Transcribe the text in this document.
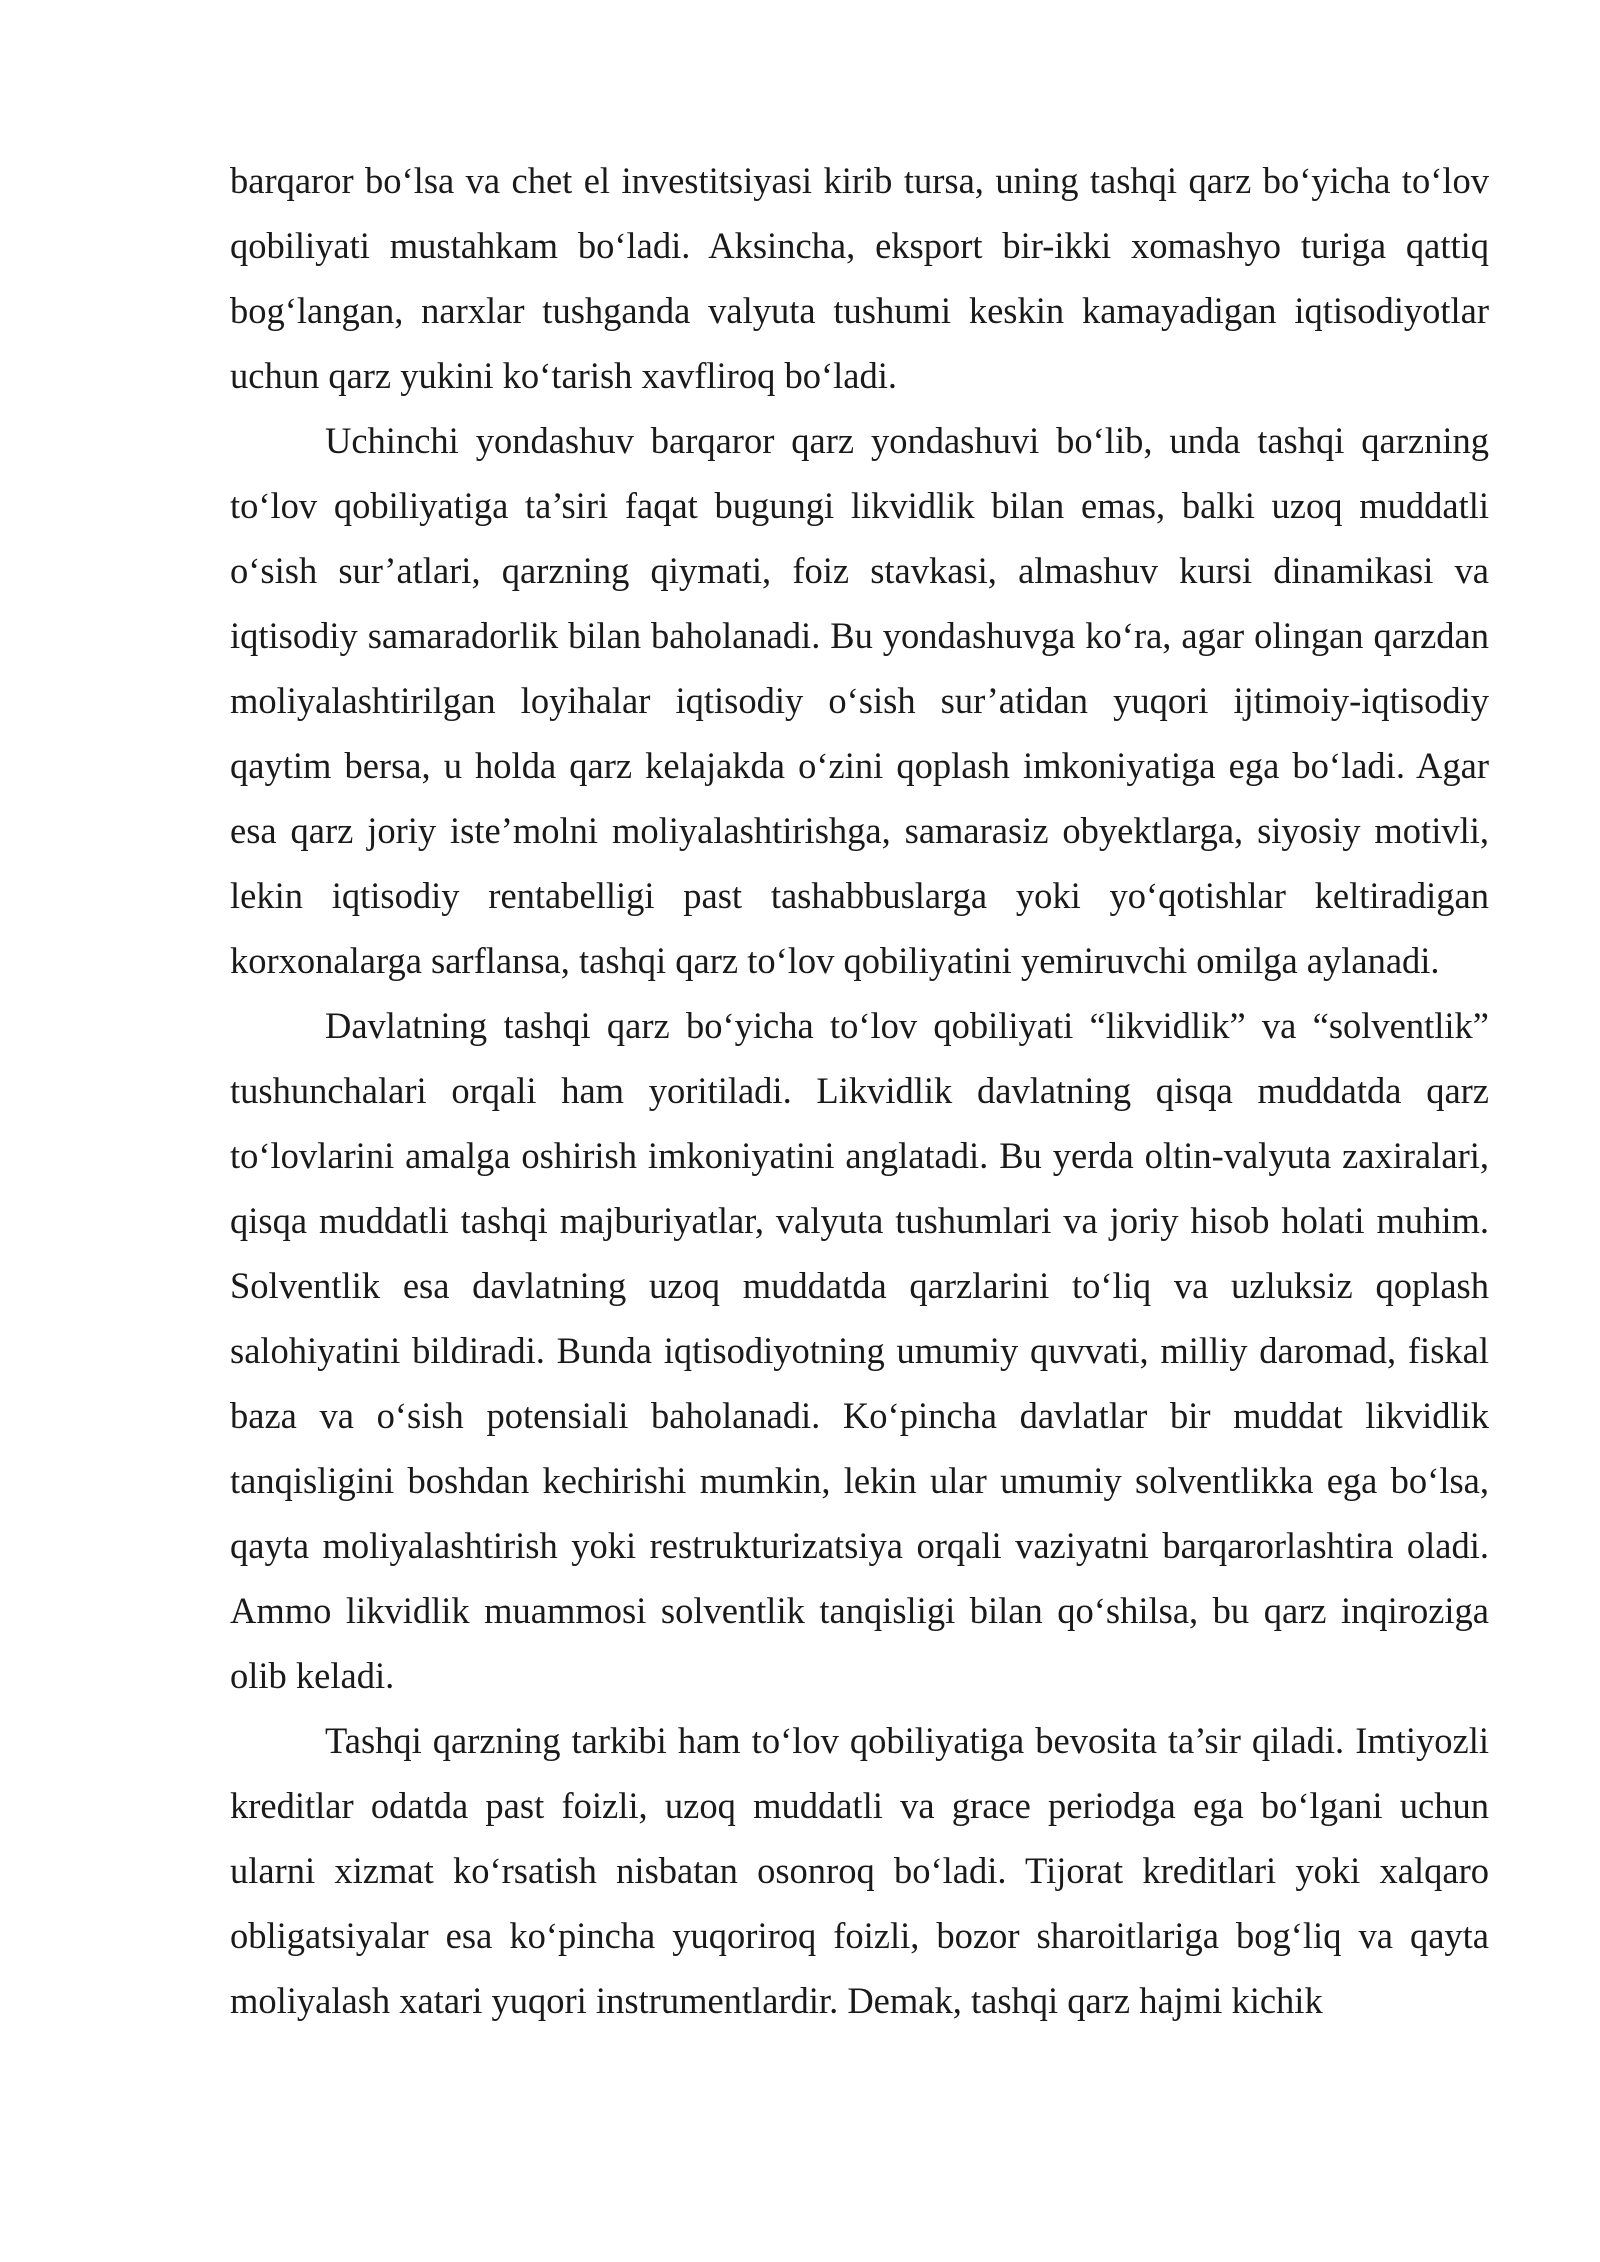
barqaror bo‘lsa va chet el investitsiyasi kirib tursa, uning tashqi qarz bo‘yicha to‘lov qobiliyati mustahkam bo‘ladi. Aksincha, eksport bir-ikki xomashyo turiga qattiq bog‘langan, narxlar tushganda valyuta tushumi keskin kamayadigan iqtisodiyotlar uchun qarz yukini ko‘tarish xavfliroq bo‘ladi.

Uchinchi yondashuv barqaror qarz yondashuvi bo‘lib, unda tashqi qarzning to‘lov qobiliyatiga ta’siri faqat bugungi likvidlik bilan emas, balki uzoq muddatli o‘sish sur’atlari, qarzning qiymati, foiz stavkasi, almashuv kursi dinamikasi va iqtisodiy samaradorlik bilan baholanadi. Bu yondashuvga ko‘ra, agar olingan qarzdan moliyalashtirilgan loyihalar iqtisodiy o‘sish sur’atidan yuqori ijtimoiy-iqtisodiy qaytim bersa, u holda qarz kelajakda o‘zini qoplash imkoniyatiga ega bo‘ladi. Agar esa qarz joriy iste’molni moliyalashtirishga, samarasiz obyektlarga, siyosiy motivli, lekin iqtisodiy rentabelligi past tashabbuslarga yoki yo‘qotishlar keltiradigan korxonalarga sarflansa, tashqi qarz to‘lov qobiliyatini yemiruvchi omilga aylanadi.

Davlatning tashqi qarz bo‘yicha to‘lov qobiliyati “likvidlik” va “solventlik” tushunchalari orqali ham yoritiladi. Likvidlik davlatning qisqa muddatda qarz to‘lovlarini amalga oshirish imkoniyatini anglatadi. Bu yerda oltin-valyuta zaxiralari, qisqa muddatli tashqi majburiyatlar, valyuta tushumlari va joriy hisob holati muhim. Solventlik esa davlatning uzoq muddatda qarzlarini to‘liq va uzluksiz qoplash salohiyatini bildiradi. Bunda iqtisodiyotning umumiy quvvati, milliy daromad, fiskal baza va o‘sish potensiali baholanadi. Ko‘pincha davlatlar bir muddat likvidlik tanqisligini boshdan kechirishi mumkin, lekin ular umumiy solventlikka ega bo‘lsa, qayta moliyalashtirish yoki restrukturizatsiya orqali vaziyatni barqarorlashtira oladi. Ammo likvidlik muammosi solventlik tanqisligi bilan qo‘shilsa, bu qarz inqiroziga olib keladi.

Tashqi qarzning tarkibi ham to‘lov qobiliyatiga bevosita ta’sir qiladi. Imtiyozli kreditlar odatda past foizli, uzoq muddatli va grace periodga ega bo‘lgani uchun ularni xizmat ko‘rsatish nisbatan osonroq bo‘ladi. Tijorat kreditlari yoki xalqaro obligatsiyalar esa ko‘pincha yuqoriroq foizli, bozor sharoitlariga bog‘liq va qayta moliyalash xatari yuqori instrumentlardir. Demak, tashqi qarz hajmi kichik
